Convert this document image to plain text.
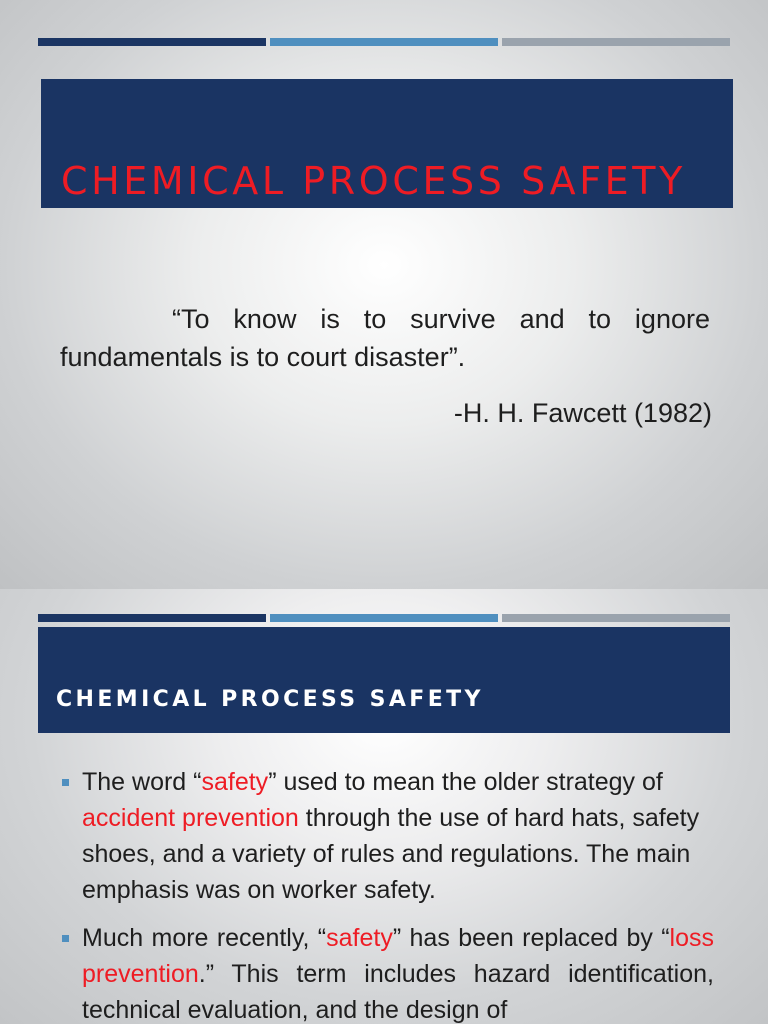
CHEMICAL PROCESS SAFETY
“To know is to survive and to ignore fundamentals is to court disaster”.
-H. H. Fawcett (1982)
CHEMICAL PROCESS SAFETY
The word “safety” used to mean the older strategy of accident prevention through the use of hard hats, safety shoes, and a variety of rules and regulations. The main emphasis was on worker safety.
Much more recently, “safety” has been replaced by “loss prevention.” This term includes hazard identification, technical evaluation, and the design of
